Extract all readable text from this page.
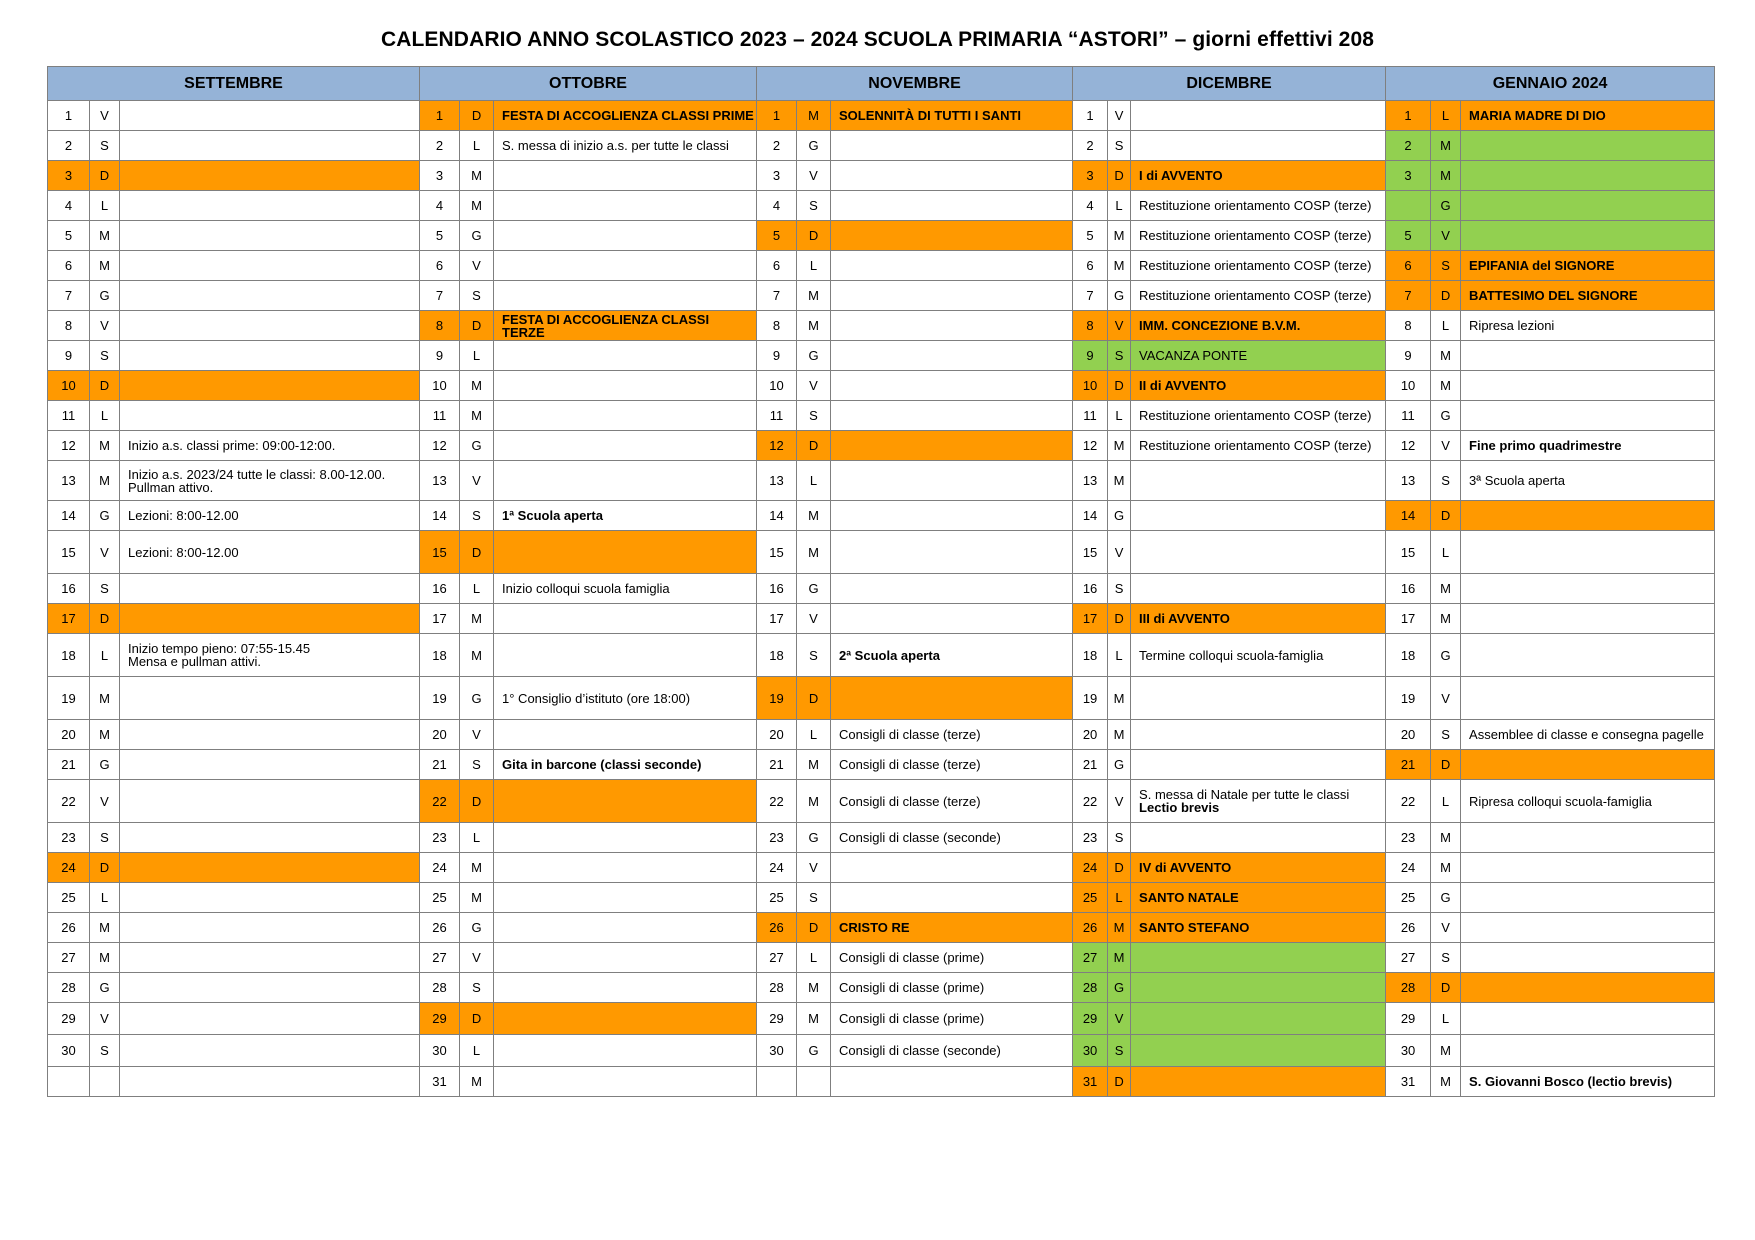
CALENDARIO ANNO SCOLASTICO 2023 – 2024 SCUOLA PRIMARIA “ASTORI” – giorni effettivi 208
SETTEMBRE			OTTOBRE			NOVEMBRE			DICEMBRE			GENNAIO 2024		
1	V		1	D	FESTA DI ACCOGLIENZA CLASSI PRIME	1	M	SOLENNITÀ DI TUTTI I SANTI	1	V		1	L	MARIA MADRE DI DIO
2	S		2	L	S. messa di inizio a.s. per tutte le classi	2	G		2	S		2	M	
3	D		3	M		3	V		3	D	I di AVVENTO	3	M	
4	L		4	M		4	S		4	L	Restituzione orientamento COSP (terze)		G	
5	M		5	G		5	D		5	M	Restituzione orientamento COSP (terze)	5	V	
6	M		6	V		6	L		6	M	Restituzione orientamento COSP (terze)	6	S	EPIFANIA del SIGNORE
7	G		7	S		7	M		7	G	Restituzione orientamento COSP (terze)	7	D	BATTESIMO DEL SIGNORE
8	V		8	D	FESTA DI ACCOGLIENZA CLASSI TERZE	8	M		8	V	IMM. CONCEZIONE B.V.M.	8	L	Ripresa lezioni
9	S		9	L		9	G		9	S	VACANZA PONTE	9	M	
10	D		10	M		10	V		10	D	II di AVVENTO	10	M	
11	L		11	M		11	S		11	L	Restituzione orientamento COSP (terze)	11	G	
12	M	Inizio a.s. classi prime: 09:00-12:00.	12	G		12	D		12	M	Restituzione orientamento COSP (terze)	12	V	Fine primo quadrimestre
13	M	Inizio a.s. 2023/24 tutte le classi: 8.00-12.00.
Pullman attivo.	13	V		13	L		13	M		13	S	3ª Scuola aperta
14	G	Lezioni: 8:00-12.00	14	S	1ª Scuola aperta	14	M		14	G		14	D	
15	V	Lezioni: 8:00-12.00	15	D		15	M		15	V		15	L	
16	S		16	L	Inizio colloqui scuola famiglia	16	G		16	S		16	M	
17	D		17	M		17	V		17	D	III di AVVENTO	17	M	
18	L	Inizio tempo pieno: 07:55-15.45
Mensa e pullman attivi.	18	M		18	S	2ª Scuola aperta	18	L	Termine colloqui scuola-famiglia	18	G	
19	M		19	G	1° Consiglio d’istituto (ore 18:00)	19	D		19	M		19	V	
20	M		20	V		20	L	Consigli di classe (terze)	20	M		20	S	Assemblee di classe e consegna pagelle
21	G		21	S	Gita in barcone (classi seconde)	21	M	Consigli di classe (terze)	21	G		21	D	
22	V		22	D		22	M	Consigli di classe (terze)	22	V	S. messa di Natale per tutte le classi
Lectio brevis	22	L	Ripresa colloqui scuola-famiglia
23	S		23	L		23	G	Consigli di classe (seconde)	23	S		23	M	
24	D		24	M		24	V		24	D	IV di AVVENTO	24	M	
25	L		25	M		25	S		25	L	SANTO NATALE	25	G	
26	M		26	G		26	D	CRISTO RE	26	M	SANTO STEFANO	26	V	
27	M		27	V		27	L	Consigli di classe (prime)	27	M		27	S	
28	G		28	S		28	M	Consigli di classe (prime)	28	G		28	D	
29	V		29	D		29	M	Consigli di classe (prime)	29	V		29	L	
30	S		30	L		30	G	Consigli di classe (seconde)	30	S		30	M	
			31	M					31	D		31	M	S. Giovanni Bosco (lectio brevis)
